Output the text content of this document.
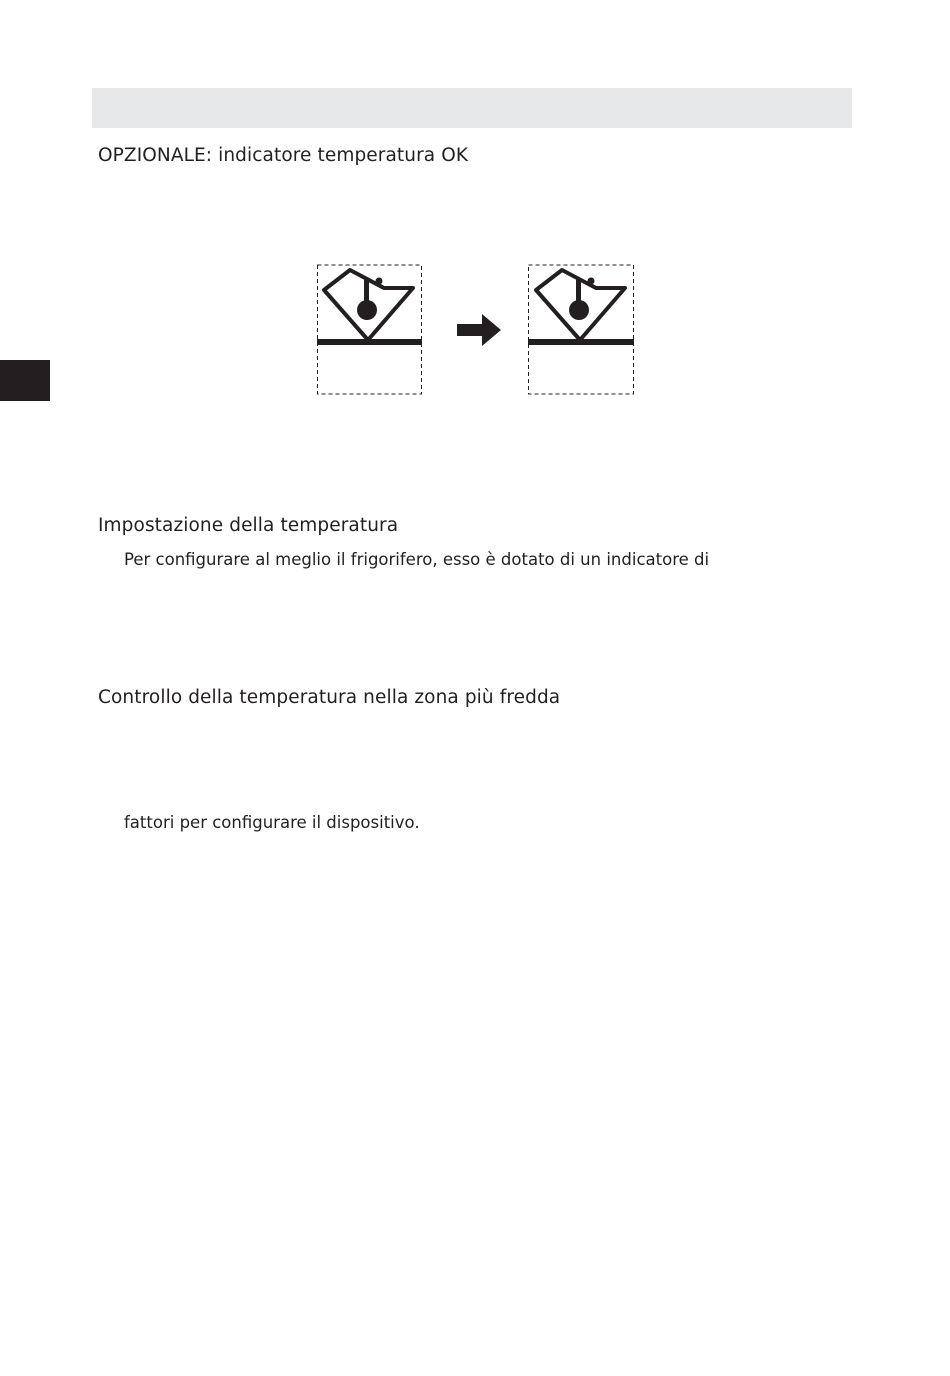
OPZIONALE: indicatore temperatura OK
Impostazione della temperatura

Per configurare al meglio il frigorifero, esso è dotato di un indicatore di

Controllo della temperatura nella zona più fredda

fattori per configurare il dispositivo.
